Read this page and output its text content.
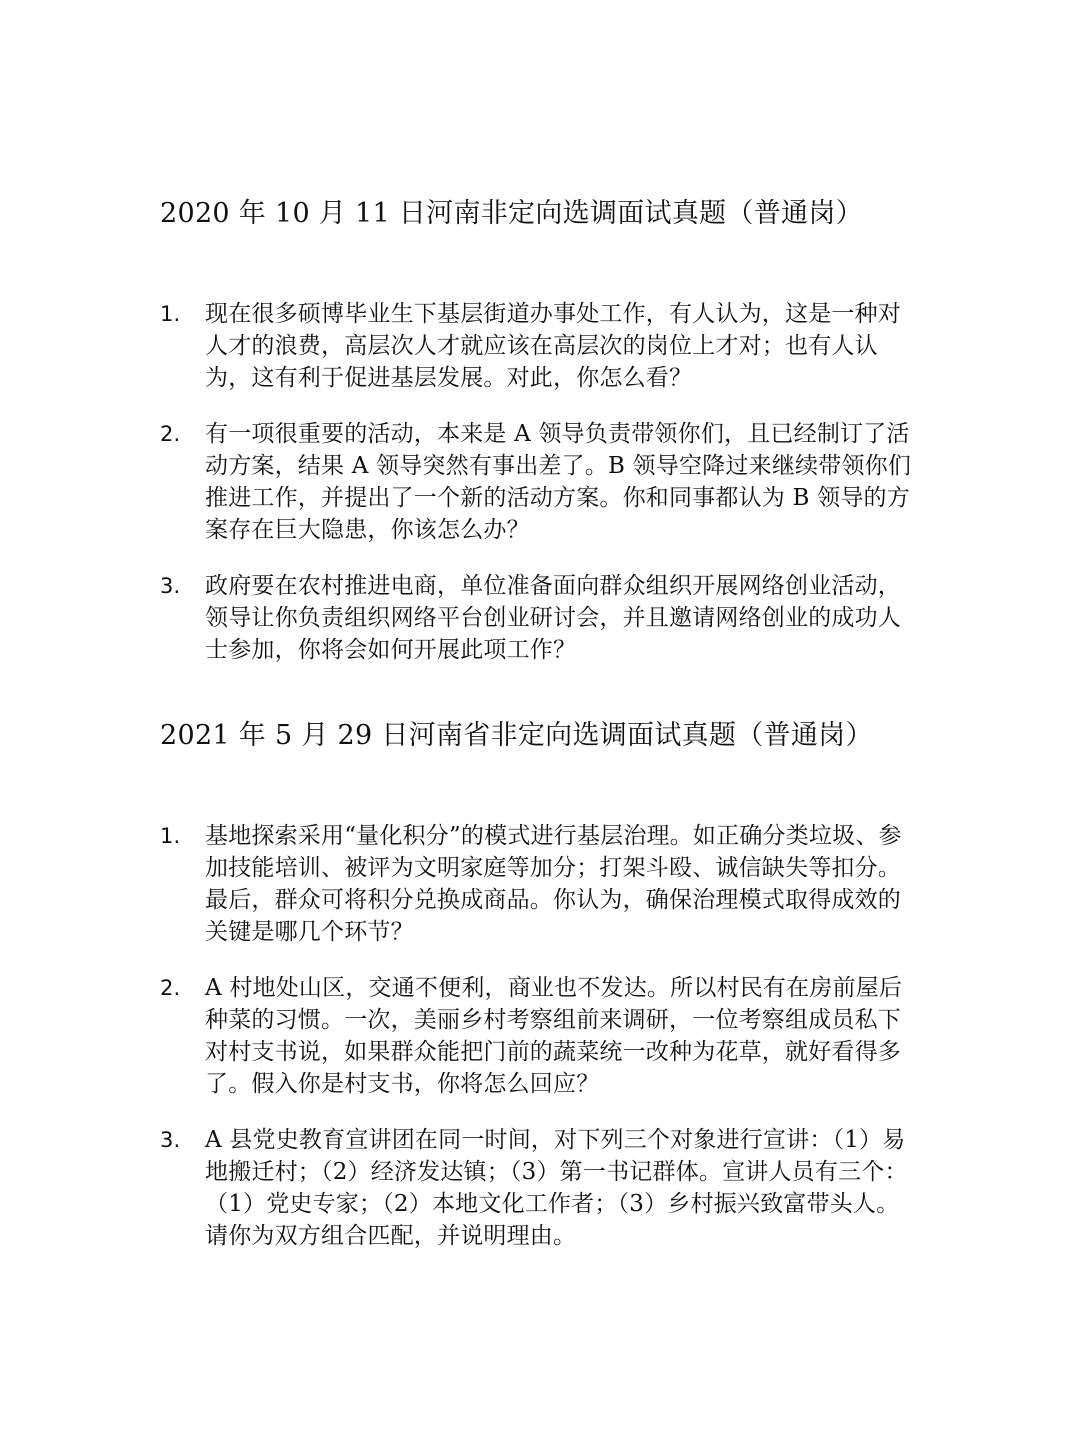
2020 年 10 月 11 日河南非定向选调面试真题（普通岗）
1.	现在很多硕博毕业生下基层街道办事处工作，有人认为，这是一种对人才的浪费，高层次人才就应该在高层次的岗位上才对；也有人认为，这有利于促进基层发展。对此，你怎么看？
2.	有一项很重要的活动，本来是 A 领导负责带领你们，且已经制订了活动方案，结果 A 领导突然有事出差了。B 领导空降过来继续带领你们推进工作，并提出了一个新的活动方案。你和同事都认为 B 领导的方案存在巨大隐患，你该怎么办？
3.	政府要在农村推进电商，单位准备面向群众组织开展网络创业活动，领导让你负责组织网络平台创业研讨会，并且邀请网络创业的成功人士参加，你将会如何开展此项工作？
2021 年 5 月 29 日河南省非定向选调面试真题（普通岗）
1.	基地探索采用“量化积分”的模式进行基层治理。如正确分类垃圾、参加技能培训、被评为文明家庭等加分；打架斗殴、诚信缺失等扣分。最后，群众可将积分兑换成商品。你认为，确保治理模式取得成效的关键是哪几个环节？
2.	A 村地处山区，交通不便利，商业也不发达。所以村民有在房前屋后种菜的习惯。一次，美丽乡村考察组前来调研，一位考察组成员私下对村支书说，如果群众能把门前的蔬菜统一改种为花草，就好看得多了。假入你是村支书，你将怎么回应？
3.	A 县党史教育宣讲团在同一时间，对下列三个对象进行宣讲：（1）易地搬迁村；（2）经济发达镇；（3）第一书记群体。宣讲人员有三个：（1）党史专家；（2）本地文化工作者；（3）乡村振兴致富带头人。请你为双方组合匹配，并说明理由。
